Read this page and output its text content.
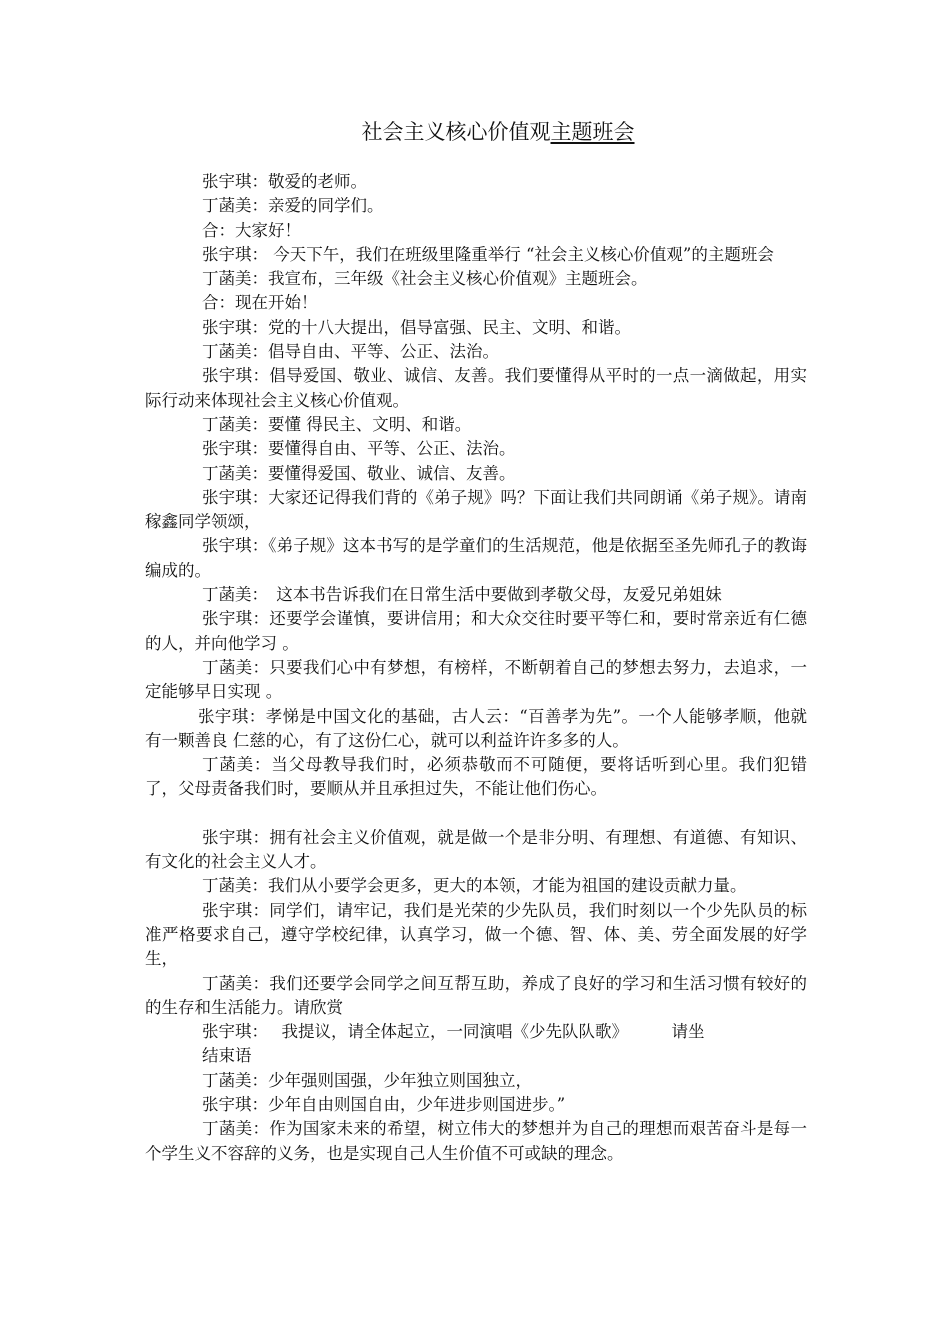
社会主义核心价值观主题班会

张宇琪：敬爱的老师。

丁菡美：亲爱的同学们。

合：大家好！

张宇琪： 今天下午，我们在班级里隆重举行 “社会主义核心价值观”的主题班会

丁菡美：我宣布，三年级《社会主义核心价值观》主题班会。

合：现在开始！

张宇琪：党的十八大提出，倡导富强、民主、文明、和谐。

丁菡美：倡导自由、平等、公正、法治。

张宇琪：倡导爱国、敬业、诚信、友善。我们要懂得从平时的一点一滴做起，用实际行动来体现社会主义核心价值观。

丁菡美：要懂 得民主、文明、和谐。

张宇琪：要懂得自由、平等、公正、法治。

丁菡美：要懂得爱国、敬业、诚信、友善。

张宇琪：大家还记得我们背的《弟子规》吗？下面让我们共同朗诵《弟子规》。请南稼鑫同学领颂，

张宇琪：《弟子规》这本书写的是学童们的生活规范，他是依据至圣先师孔子的教诲编成的。

丁菡美：　这本书告诉我们在日常生活中要做到孝敬父母，友爱兄弟姐妹

张宇琪：还要学会谨慎，要讲信用；和大众交往时要平等仁和，要时常亲近有仁德的人，并向他学习 。

丁菡美：只要我们心中有梦想，有榜样，不断朝着自己的梦想去努力，去追求，一定能够早日实现 。

张宇琪：孝悌是中国文化的基础，古人云：“百善孝为先”。一个人能够孝顺，他就有一颗善良 仁慈的心，有了这份仁心，就可以利益许许多多的人。

丁菡美：当父母教导我们时，必须恭敬而不可随便，要将话听到心里。我们犯错了，父母责备我们时，要顺从并且承担过失，不能让他们伤心。

张宇琪：拥有社会主义价值观，就是做一个是非分明、有理想、有道德、有知识、有文化的社会主义人才。

丁菡美：我们从小要学会更多，更大的本领，才能为祖国的建设贡献力量。

张宇琪：同学们，请牢记，我们是光荣的少先队员，我们时刻以一个少先队员的标准严格要求自己，遵守学校纪律，认真学习，做一个德、智、体、美、劳全面发展的好学生，

丁菡美：我们还要学会同学之间互帮互助，养成了良好的学习和生活习惯有较好的的生存和生活能力。请欣赏

张宇琪：　 我提议，请全体起立，一同演唱《少先队队歌》 　　 请坐

结束语

丁菡美：少年强则国强，少年独立则国独立，

张宇琪：少年自由则国自由，少年进步则国进步。”

丁菡美：作为国家未来的希望，树立伟大的梦想并为自己的理想而艰苦奋斗是每一个学生义不容辞的义务，也是实现自己人生价值不可或缺的理念。
